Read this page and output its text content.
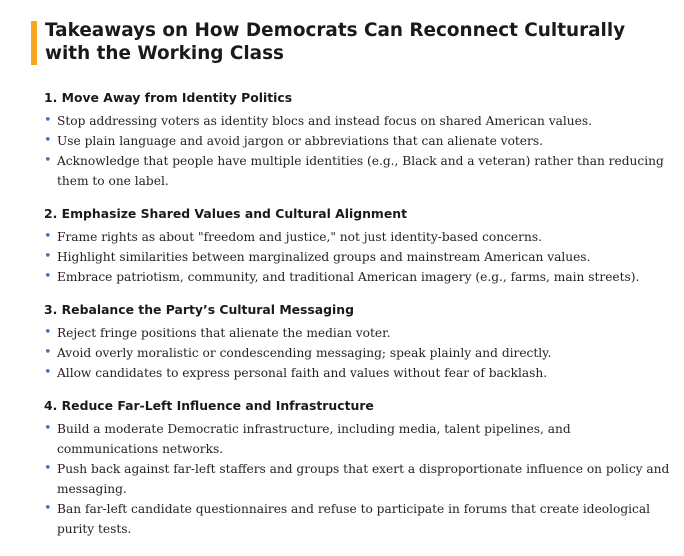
Takeaways on How Democrats Can Reconnect Culturally with the Working Class
1. Move Away from Identity Politics
• Stop addressing voters as identity blocs and instead focus on shared American values.
• Use plain language and avoid jargon or abbreviations that can alienate voters.
• Acknowledge that people have multiple identities (e.g., Black and a veteran) rather than reducing them to one label.
2. Emphasize Shared Values and Cultural Alignment
• Frame rights as about "freedom and justice," not just identity-based concerns.
• Highlight similarities between marginalized groups and mainstream American values.
• Embrace patriotism, community, and traditional American imagery (e.g., farms, main streets).
3. Rebalance the Party’s Cultural Messaging
• Reject fringe positions that alienate the median voter.
• Avoid overly moralistic or condescending messaging; speak plainly and directly.
• Allow candidates to express personal faith and values without fear of backlash.
4. Reduce Far-Left Influence and Infrastructure
• Build a moderate Democratic infrastructure, including media, talent pipelines, and communications networks.
• Push back against far-left staffers and groups that exert a disproportionate influence on policy and messaging.
• Ban far-left candidate questionnaires and refuse to participate in forums that create ideological purity tests.
